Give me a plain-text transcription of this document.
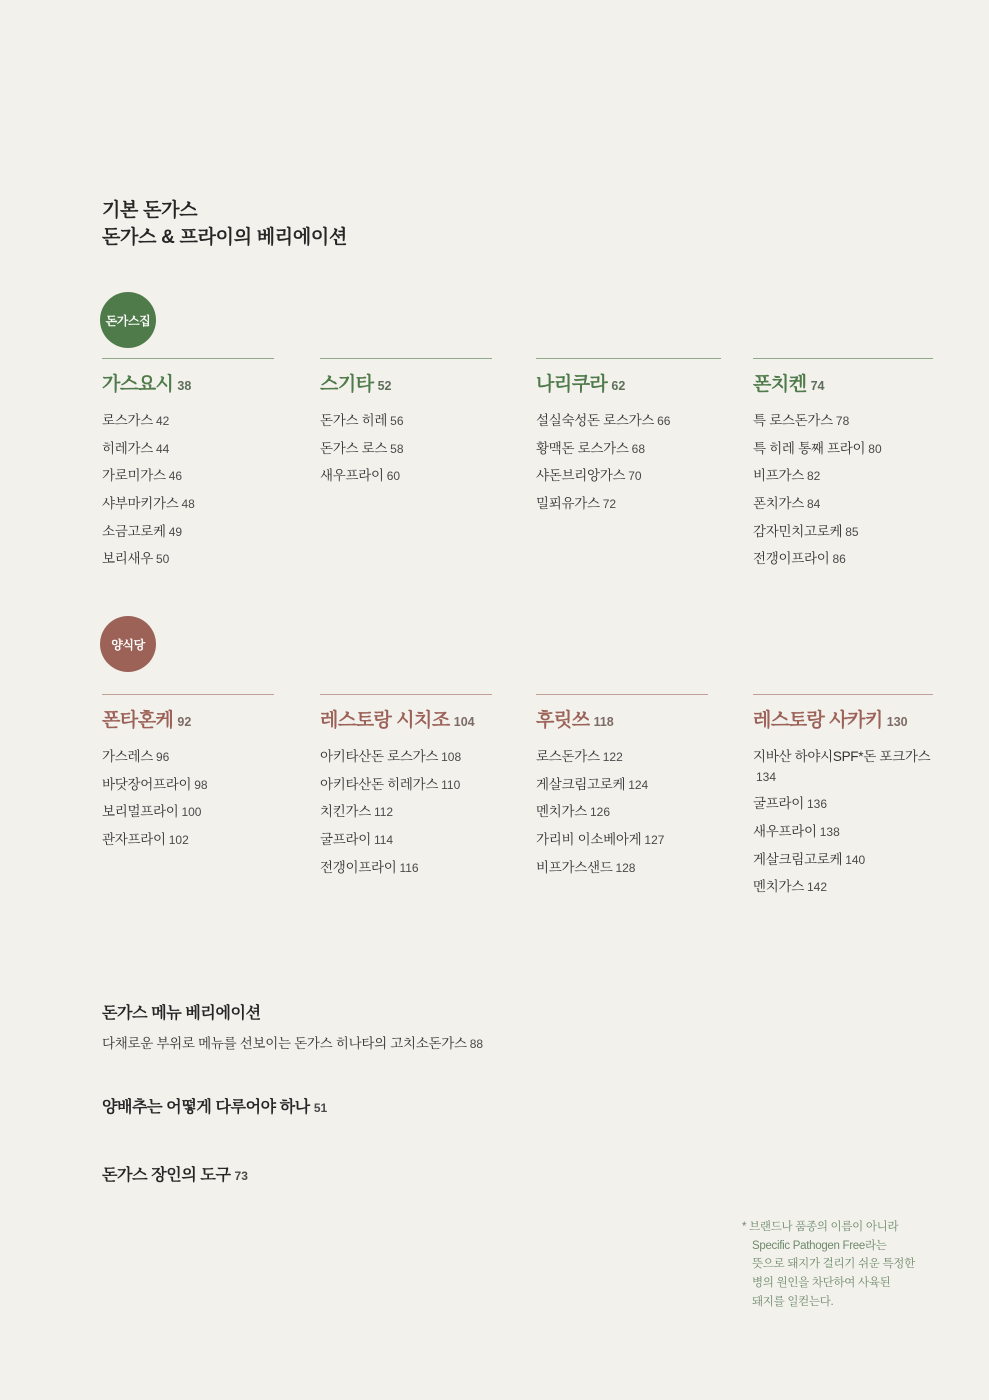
기본 돈가스
돈가스 & 프라이의 베리에이션
돈가스집
가스요시 38
로스가스 42
히레가스 44
가로미가스 46
샤부마키가스 48
소금고로케 49
보리새우 50
스기타 52
돈가스 히레 56
돈가스 로스 58
새우프라이 60
나리쿠라 62
설실숙성돈 로스가스 66
황맥돈 로스가스 68
샤돈브리앙가스 70
밀푀유가스 72
폰치켄 74
특 로스돈가스 78
특 히레 통째 프라이 80
비프가스 82
폰치가스 84
감자민치고로케 85
전갱이프라이 86
양식당
폰타혼케 92
가스레스 96
바닷장어프라이 98
보리멀프라이 100
관자프라이 102
레스토랑 시치조 104
아키타산돈 로스가스 108
아키타산돈 히레가스 110
치킨가스 112
굴프라이 114
전갱이프라이 116
후릿쓰 118
로스돈가스 122
게살크림고로케 124
멘치가스 126
가리비 이소베아게 127
비프가스샌드 128
레스토랑 사카키 130
지바산 하야시SPF*돈 포크가스134
굴프라이 136
새우프라이 138
게살크림고로케 140
멘치가스 142
돈가스 메뉴 베리에이션
다채로운 부위로 메뉴를 선보이는 돈가스 히나타의 고치소돈가스 88
양배추는 어떻게 다루어야 하나 51
돈가스 장인의 도구 73
* 브랜드나 품종의 이름이 아니라
Specific Pathogen Free라는
뜻으로 돼지가 걸리기 쉬운 특정한
병의 원인을 차단하여 사육된
돼지를 일컫는다.
